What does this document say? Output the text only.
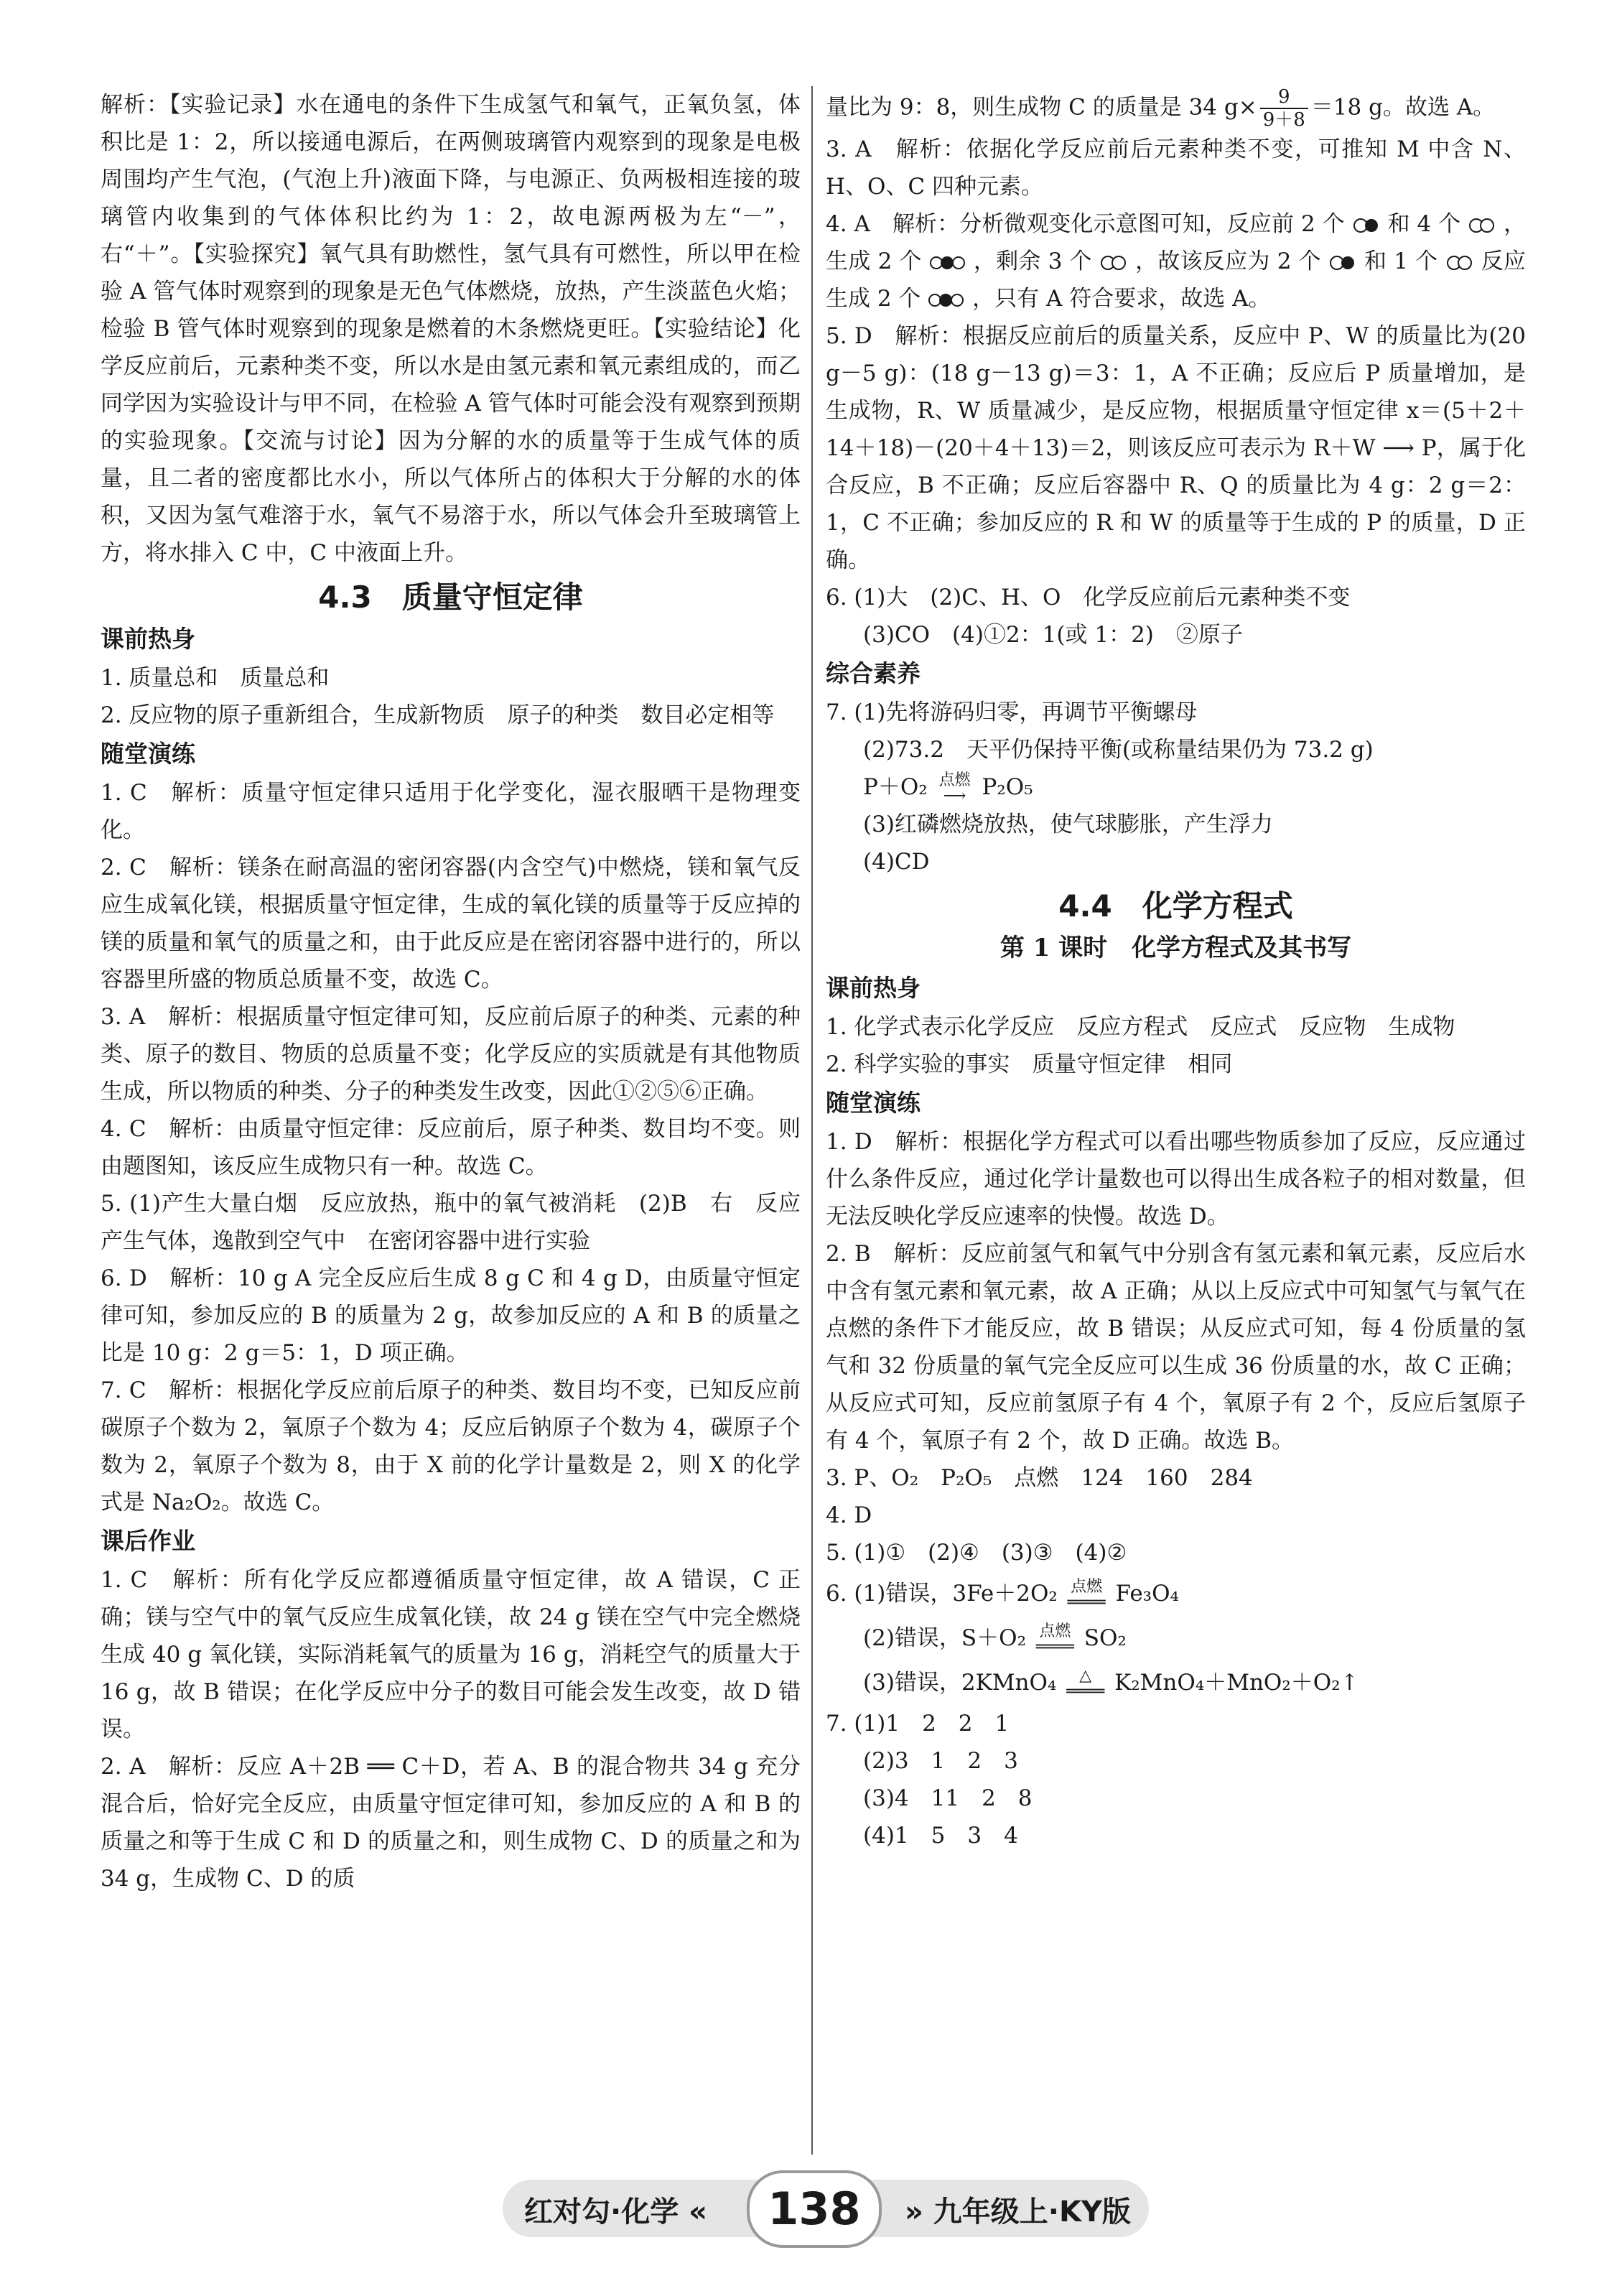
解析：【实验记录】水在通电的条件下生成氢气和氧气，正氧负氢，体积比是 1：2，所以接通电源后，在两侧玻璃管内观察到的现象是电极周围均产生气泡，(气泡上升)液面下降，与电源正、负两极相连接的玻璃管内收集到的气体体积比约为 1：2，故电源两极为左“－”，右“＋”。【实验探究】氧气具有助燃性，氢气具有可燃性，所以甲在检验 A 管气体时观察到的现象是无色气体燃烧，放热，产生淡蓝色火焰；检验 B 管气体时观察到的现象是燃着的木条燃烧更旺。【实验结论】化学反应前后，元素种类不变，所以水是由氢元素和氧元素组成的，而乙同学因为实验设计与甲不同，在检验 A 管气体时可能会没有观察到预期的实验现象。【交流与讨论】因为分解的水的质量等于生成气体的质量，且二者的密度都比水小，所以气体所占的体积大于分解的水的体积，又因为氢气难溶于水，氧气不易溶于水，所以气体会升至玻璃管上方，将水排入 C 中，C 中液面上升。

4.3　质量守恒定律
课前热身

1. 质量总和　质量总和

2. 反应物的原子重新组合，生成新物质　原子的种类　数目必定相等

随堂演练

1. C　解析：质量守恒定律只适用于化学变化，湿衣服晒干是物理变化。

2. C　解析：镁条在耐高温的密闭容器(内含空气)中燃烧，镁和氧气反应生成氧化镁，根据质量守恒定律，生成的氧化镁的质量等于反应掉的镁的质量和氧气的质量之和，由于此反应是在密闭容器中进行的，所以容器里所盛的物质总质量不变，故选 C。

3. A　解析：根据质量守恒定律可知，反应前后原子的种类、元素的种类、原子的数目、物质的总质量不变；化学反应的实质就是有其他物质生成，所以物质的种类、分子的种类发生改变，因此①②⑤⑥正确。

4. C　解析：由质量守恒定律：反应前后，原子种类、数目均不变。则由题图知，该反应生成物只有一种。故选 C。

5. (1)产生大量白烟　反应放热，瓶中的氧气被消耗　(2)B　右　反应产生气体，逸散到空气中　在密闭容器中进行实验

6. D　解析：10 g A 完全反应后生成 8 g C 和 4 g D，由质量守恒定律可知，参加反应的 B 的质量为 2 g，故参加反应的 A 和 B 的质量之比是 10 g：2 g＝5：1，D 项正确。

7. C　解析：根据化学反应前后原子的种类、数目均不变，已知反应前碳原子个数为 2，氧原子个数为 4；反应后钠原子个数为 4，碳原子个数为 2，氧原子个数为 8，由于 X 前的化学计量数是 2，则 X 的化学式是 Na₂O₂。故选 C。

课后作业

1. C　解析：所有化学反应都遵循质量守恒定律，故 A 错误，C 正确；镁与空气中的氧气反应生成氧化镁，故 24 g 镁在空气中完全燃烧生成 40 g 氧化镁，实际消耗氧气的质量为 16 g，消耗空气的质量大于 16 g，故 B 错误；在化学反应中分子的数目可能会发生改变，故 D 错误。

2. A　解析：反应 A＋2B ══ C＋D，若 A、B 的混合物共 34 g 充分混合后，恰好完全反应，由质量守恒定律可知，参加反应的 A 和 B 的质量之和等于生成 C 和 D 的质量之和，则生成物 C、D 的质量之和为 34 g，生成物 C、D 的质

量比为 9：8，则生成物 C 的质量是 34 $g\times \frac{9}{9+8} =18$ g。故选 A。

3. A　解析：依据化学反应前后元素种类不变，可推知 M 中含 N、H、O、C 四种元素。

4. A　解析：分析微观变化示意图可知，反应前 2 个 和 4 个 ，生成 2 个 ，剩余 3 个 ，故该反应为 2 个 和 1 个 反应生成 2 个 ，只有 A 符合要求，故选 A。

5. D　解析：根据反应前后的质量关系，反应中 P、W 的质量比为(20 g－5 g)：(18 g－13 g)＝3：1，A 不正确；反应后 P 质量增加，是生成物，R、W 质量减少，是反应物，根据质量守恒定律 x＝(5＋2＋14＋18)－(20＋4＋13)＝2，则该反应可表示为 R＋W ⟶ P，属于化合反应，B 不正确；反应后容器中 R、Q 的质量比为 4 g：2 g＝2：1，C 不正确；参加反应的 R 和 W 的质量等于生成的 P 的质量，D 正确。

6. (1)大　(2)C、H、O　化学反应前后元素种类不变

(3)CO　(4)①2：1(或 1：2)　②原子

综合素养

7. (1)先将游码归零，再调节平衡螺母

(2)73.2　天平仍保持平衡(或称量结果仍为 73.2 g)

P＋O₂ 点燃
⟶ P₂O₅

(3)红磷燃烧放热，使气球膨胀，产生浮力

(4)CD

4.4　化学方程式
第 1 课时　化学方程式及其书写
课前热身

1. 化学式表示化学反应　反应方程式　反应式　反应物　生成物

2. 科学实验的事实　质量守恒定律　相同

随堂演练

1. D　解析：根据化学方程式可以看出哪些物质参加了反应，反应通过什么条件反应，通过化学计量数也可以得出生成各粒子的相对数量，但无法反映化学反应速率的快慢。故选 D。

2. B　解析：反应前氢气和氧气中分别含有氢元素和氧元素，反应后水中含有氢元素和氧元素，故 A 正确；从以上反应式中可知氢气与氧气在点燃的条件下才能反应，故 B 错误；从反应式可知，每 4 份质量的氢气和 32 份质量的氧气完全反应可以生成 36 份质量的水，故 C 正确；从反应式可知，反应前氢原子有 4 个，氧原子有 2 个，反应后氢原子有 4 个，氧原子有 2 个，故 D 正确。故选 B。

3. P、O₂　P₂O₅　点燃　124　160　284

4. D

5. (1)①　(2)④　(3)③　(4)②

6. (1)错误，3Fe＋2O₂ 点燃
════ Fe₃O₄

(2)错误，S＋O₂ 点燃
════ SO₂

(3)错误，2KMnO₄	△
════ K₂MnO₄＋MnO₂＋O₂↑

7. (1)1　2　2　1

(2)3　1　2　3

(3)4　11　2　8

(4)1　5　3　4

红对勾·化学 «	138	» 九年级上·KY版
